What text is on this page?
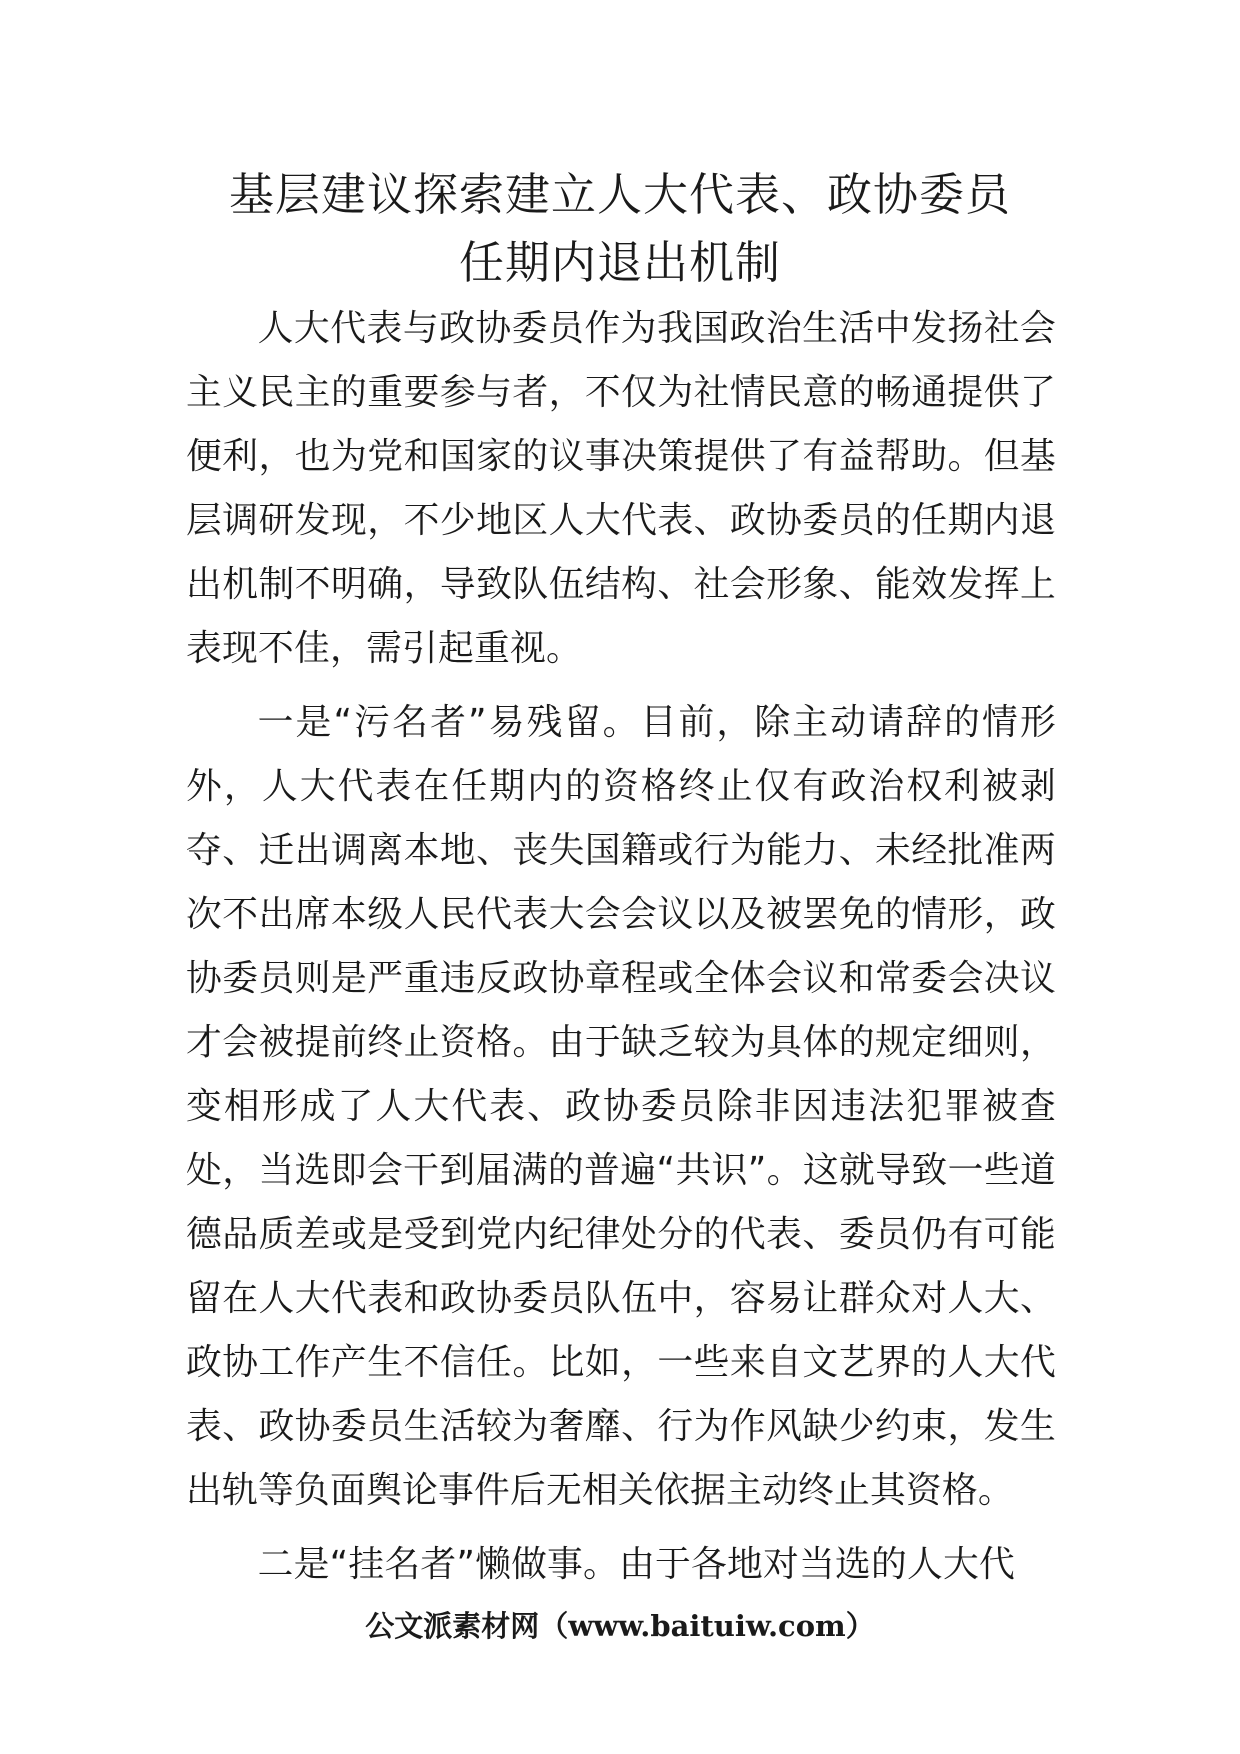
基层建议探索建立人大代表、政协委员
任期内退出机制

人大代表与政协委员作为我国政治生活中发扬社会主义民主的重要参与者，不仅为社情民意的畅通提供了便利，也为党和国家的议事决策提供了有益帮助。但基层调研发现，不少地区人大代表、政协委员的任期内退出机制不明确，导致队伍结构、社会形象、能效发挥上表现不佳，需引起重视。

一是“污名者”易残留。目前，除主动请辞的情形外，人大代表在任期内的资格终止仅有政治权利被剥夺、迁出调离本地、丧失国籍或行为能力、未经批准两次不出席本级人民代表大会会议以及被罢免的情形，政协委员则是严重违反政协章程或全体会议和常委会决议才会被提前终止资格。由于缺乏较为具体的规定细则，变相形成了人大代表、政协委员除非因违法犯罪被查处，当选即会干到届满的普遍“共识”。这就导致一些道德品质差或是受到党内纪律处分的代表、委员仍有可能留在人大代表和政协委员队伍中，容易让群众对人大、政协工作产生不信任。比如，一些来自文艺界的人大代表、政协委员生活较为奢靡、行为作风缺少约束，发生出轨等负面舆论事件后无相关依据主动终止其资格。

二是“挂名者”懒做事。由于各地对当选的人大代

公文派素材网（www.baituiw.com）
